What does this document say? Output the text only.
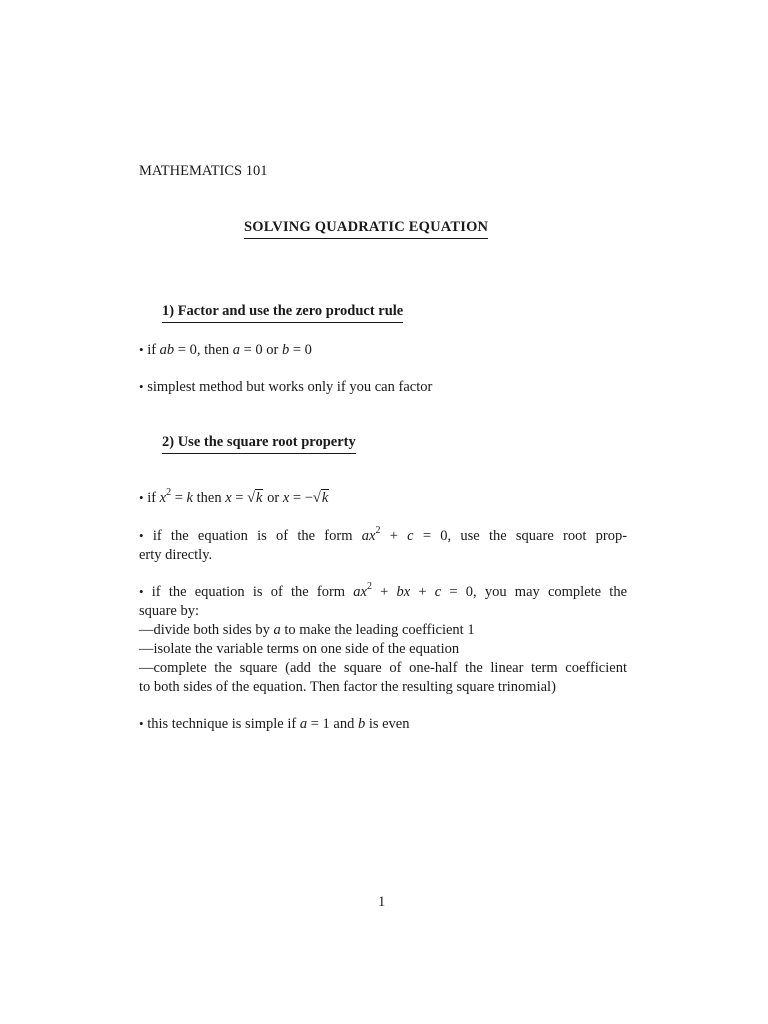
MATHEMATICS 101
SOLVING QUADRATIC EQUATION
1) Factor and use the zero product rule
• if ab = 0, then a = 0 or b = 0
• simplest method but works only if you can factor
2) Use the square root property
• if $x^2 = k$ then x = √k or x = −√k
• if the equation is of the form $ax^2 + c = 0$, use the square root prop-
erty directly.
• if the equation is of the form $ax^2$ + bx + c = 0, you may complete the
square by:
—divide both sides by a to make the leading coefficient 1
—isolate the variable terms on one side of the equation
—complete the square (add the square of one-half the linear term coefficient
to both sides of the equation. Then factor the resulting square trinomial)
• this technique is simple if a = 1 and b is even
1
